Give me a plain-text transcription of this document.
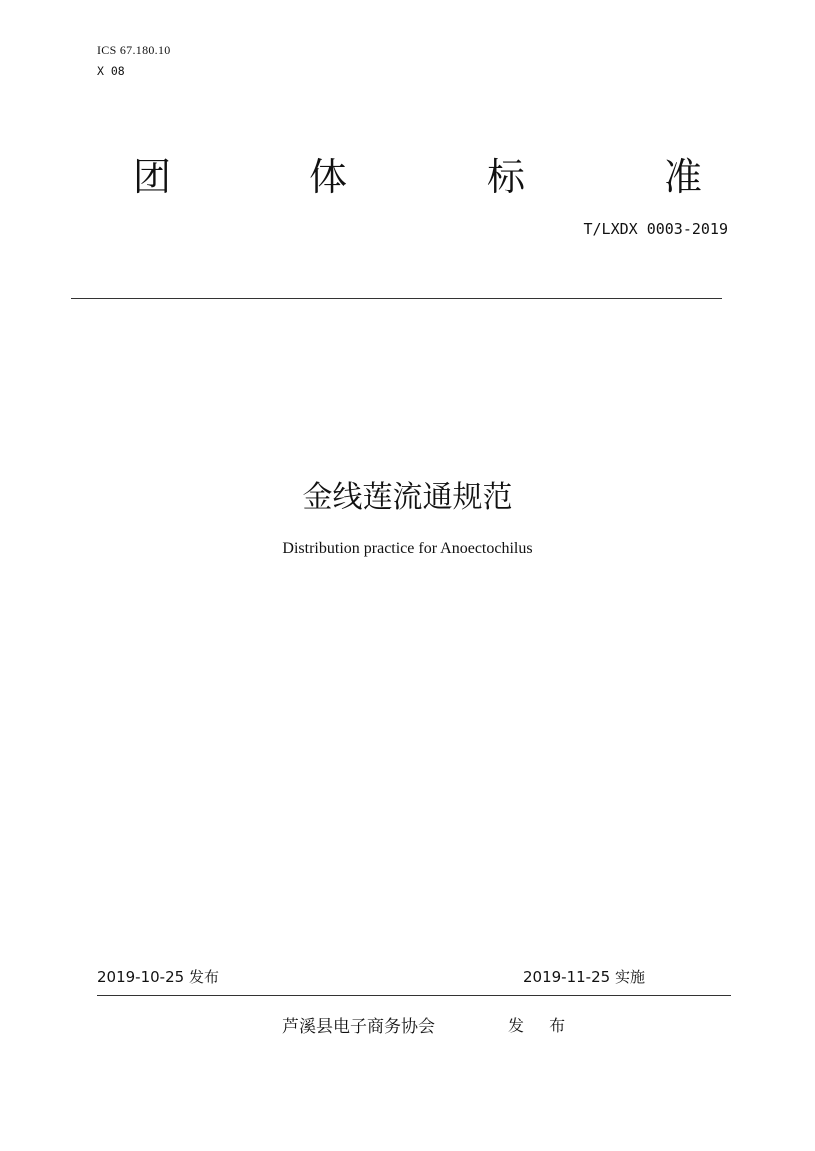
ICS 67.180.10
X 08
团	体	标	准
T/LXDX 0003-2019
金线莲流通规范
Distribution practice for Anoectochilus
2019-10-25 发布	2019-11-25 实施
芦溪县电子商务协会	发 布
